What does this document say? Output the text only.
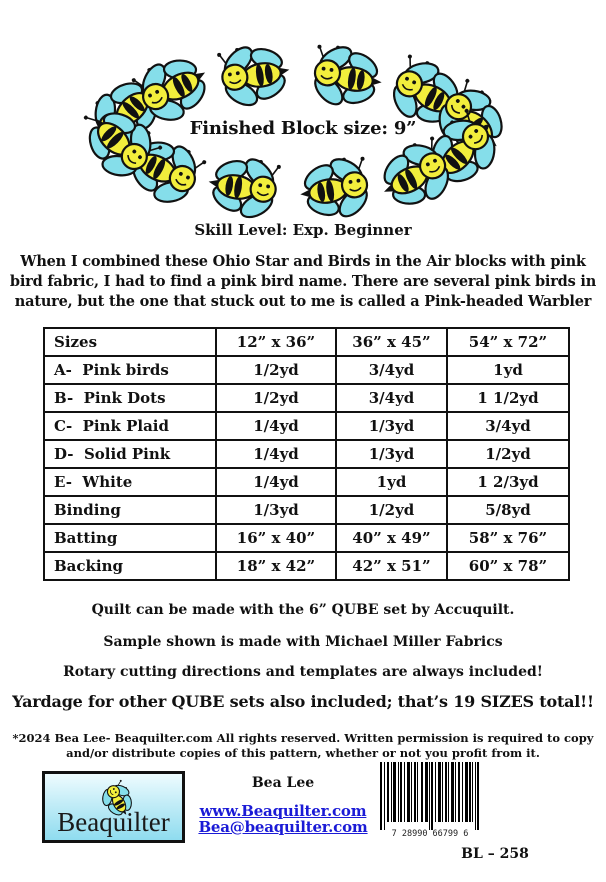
Finished Block size: 9”
Skill Level: Exp. Beginner
When I combined these Ohio Star and Birds in the Air blocks with pink
bird fabric, I had to find a pink bird name. There are several pink birds in
nature, but the one that stuck out to me is called a Pink-headed Warbler
Sizes	12” x 36”	36” x 45”	54” x 72”
A-  Pink birds	1/2yd	3/4yd	1yd
B-  Pink Dots	1/2yd	3/4yd	1 1/2yd
C-  Pink Plaid	1/4yd	1/3yd	3/4yd
D-  Solid Pink	1/4yd	1/3yd	1/2yd
E-  White	1/4yd	1yd	1 2/3yd
Binding	1/3yd	1/2yd	5/8yd
Batting	16” x 40”	40” x 49”	58” x 76”
Backing	18” x 42”	42” x 51”	60” x 78”
Quilt can be made with the 6” QUBE set by Accuquilt.
Sample shown is made with Michael Miller Fabrics
Rotary cutting directions and templates are always included!
Yardage for other QUBE sets also included; that’s 19 SIZES total!!
*2024 Bea Lee- Beaquilter.com All rights reserved. Written permission is required to copy
and/or distribute copies of this pattern, whether or not you profit from it.
Beaquilter
Bea Lee
www.Beaquilter.com
Bea@beaquilter.com	7 28990 66799 6
BL – 258
